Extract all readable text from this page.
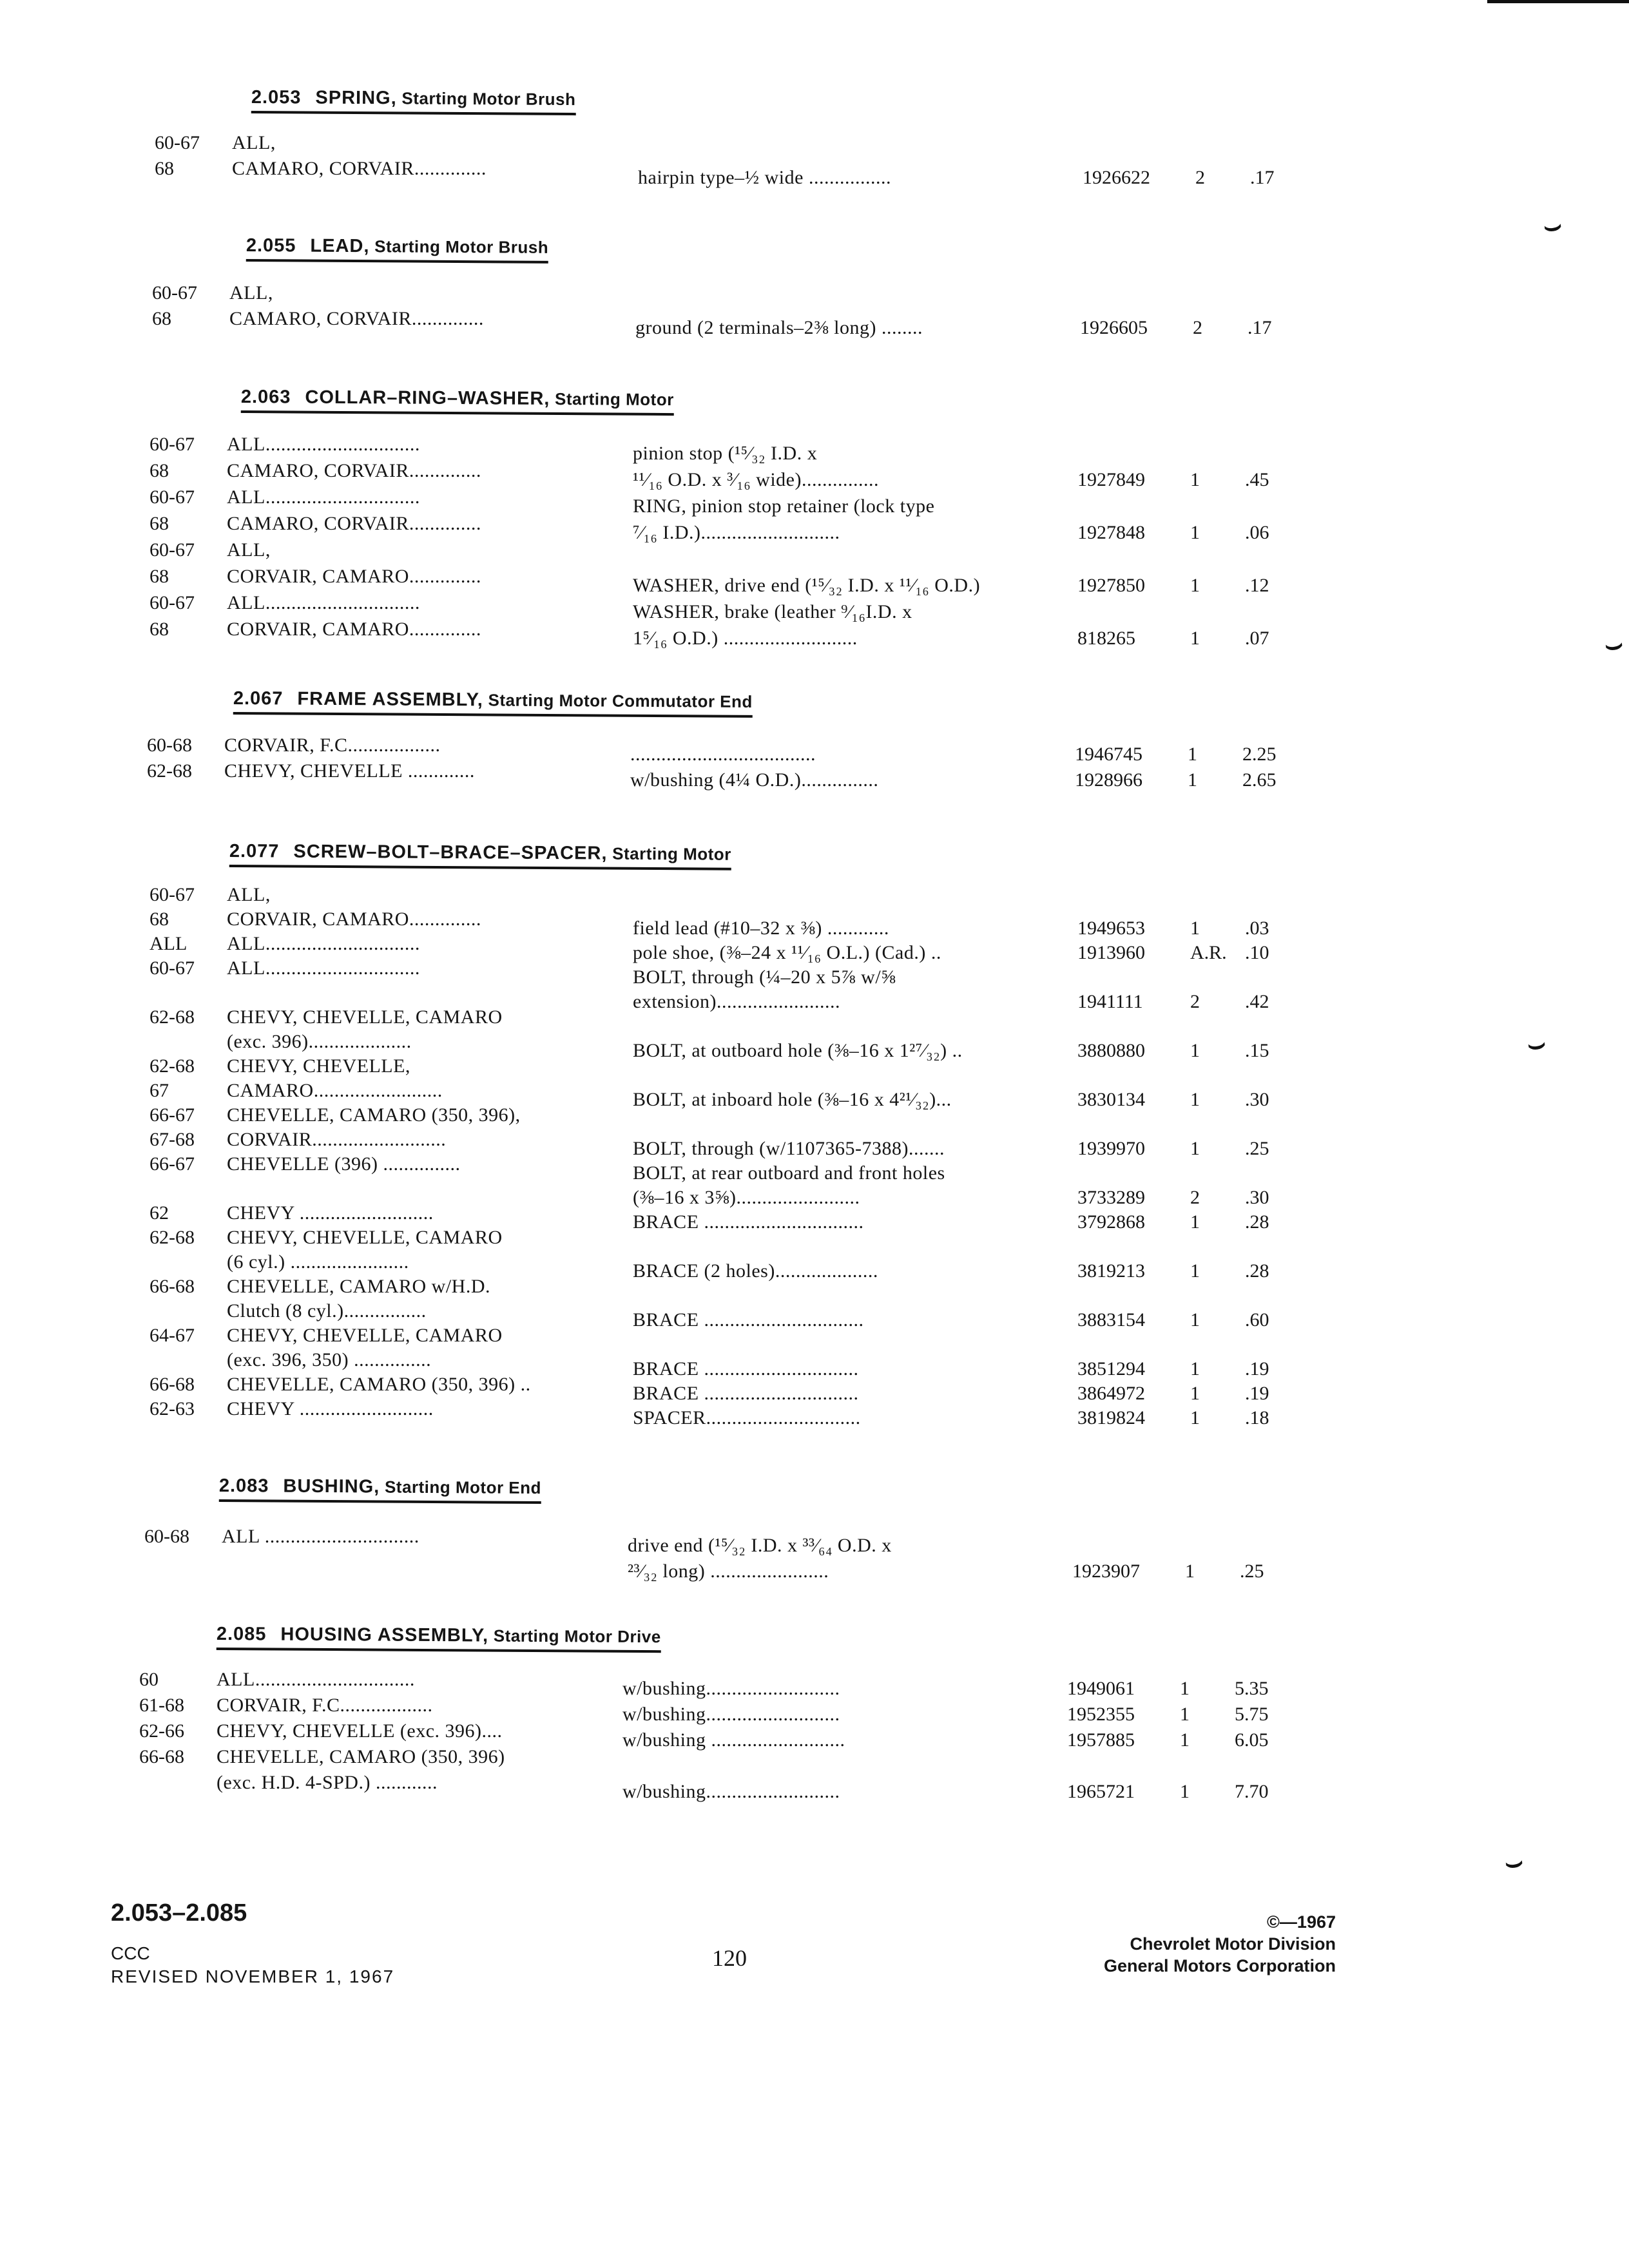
⌣
⌣
⌣
⌣
2.053 SPRING, Starting Motor Brush
60-67 ALL,
68	CAMARO, CORVAIR..............	hairpin type–½ wide ................	1926622 2 .17
2.055 LEAD, Starting Motor Brush
60-67 ALL,
68	CAMARO, CORVAIR..............	ground (2 terminals–2⅜ long) ........	1926605 2 .17
2.063 COLLAR–RING–WASHER, Starting Motor
60-67 ALL..............................	pinion stop (¹⁵⁄₃₂ I.D. x
68	CAMARO, CORVAIR..............	¹¹⁄₁₆ O.D. x ³⁄₁₆ wide)...............	1927849 1 .45
60-67 ALL..............................	RING, pinion stop retainer (lock type
68	CAMARO, CORVAIR..............	⁷⁄₁₆ I.D.)...........................	1927848 1 .06
60-67 ALL,
68	CORVAIR, CAMARO..............	WASHER, drive end (¹⁵⁄₃₂ I.D. x ¹¹⁄₁₆ O.D.)	1927850 1 .12
60-67 ALL..............................	WASHER, brake (leather ⁹⁄₁₆I.D. x
68	CORVAIR, CAMARO..............	1⁵⁄₁₆ O.D.) ..........................	818265	1 .07
2.067 FRAME ASSEMBLY, Starting Motor Commutator End
60-68 CORVAIR, F.C..................	....................................	1946745 1 2.25
62-68 CHEVY, CHEVELLE .............	w/bushing (4¼ O.D.)...............	1928966 1 2.65
2.077 SCREW–BOLT–BRACE–SPACER, Starting Motor
60-67 ALL,
68	CORVAIR, CAMARO..............	field lead (#10–32 x ⅜) ............	1949653 1 .03
ALL ALL..............................	pole shoe, (⅜–24 x ¹¹⁄₁₆ O.L.) (Cad.) ..	1913960 A.R. .10
60-67 ALL..............................	BOLT, through (¼–20 x 5⅞ w/⅝
extension)........................	1941111 2 .42
62-68 CHEVY, CHEVELLE, CAMARO
(exc. 396)....................	BOLT, at outboard hole (⅜–16 x 1²⁷⁄₃₂) ..	3880880 1 .15
62-68 CHEVY, CHEVELLE,
67	CAMARO.........................	BOLT, at inboard hole (⅜–16 x 4²¹⁄₃₂)...	3830134 1 .30
66-67 CHEVELLE, CAMARO (350, 396),
67-68 CORVAIR..........................	BOLT, through (w/1107365-7388).......	1939970 1 .25
66-67 CHEVELLE (396) ...............	BOLT, at rear outboard and front holes
(⅜–16 x 3⅝)........................	3733289 2 .30
62	CHEVY ..........................	BRACE ...............................	3792868 1 .28
62-68 CHEVY, CHEVELLE, CAMARO
(6 cyl.) .......................	BRACE (2 holes)....................	3819213 1 .28
66-68 CHEVELLE, CAMARO w/H.D.
Clutch (8 cyl.)................	BRACE ...............................	3883154 1 .60
64-67 CHEVY, CHEVELLE, CAMARO
(exc. 396, 350) ...............	BRACE ..............................	3851294 1 .19
66-68 CHEVELLE, CAMARO (350, 396) ..	BRACE ..............................	3864972 1 .19
62-63 CHEVY ..........................	SPACER..............................	3819824 1 .18
2.083 BUSHING, Starting Motor End
60-68 ALL ..............................	drive end (¹⁵⁄₃₂ I.D. x ³³⁄₆₄ O.D. x
²³⁄₃₂ long) .......................	1923907 1 .25
2.085 HOUSING ASSEMBLY, Starting Motor Drive
60	ALL...............................	w/bushing..........................	1949061 1 5.35
61-68 CORVAIR, F.C..................	w/bushing..........................	1952355 1 5.75
62-66 CHEVY, CHEVELLE (exc. 396)....	w/bushing ..........................	1957885 1 6.05
66-68 CHEVELLE, CAMARO (350, 396)
(exc. H.D. 4-SPD.) ............	w/bushing..........................	1965721 1 7.70
2.053–2.085
CCC
REVISED NOVEMBER 1, 1967
120
©—1967
Chevrolet Motor Division
General Motors Corporation
